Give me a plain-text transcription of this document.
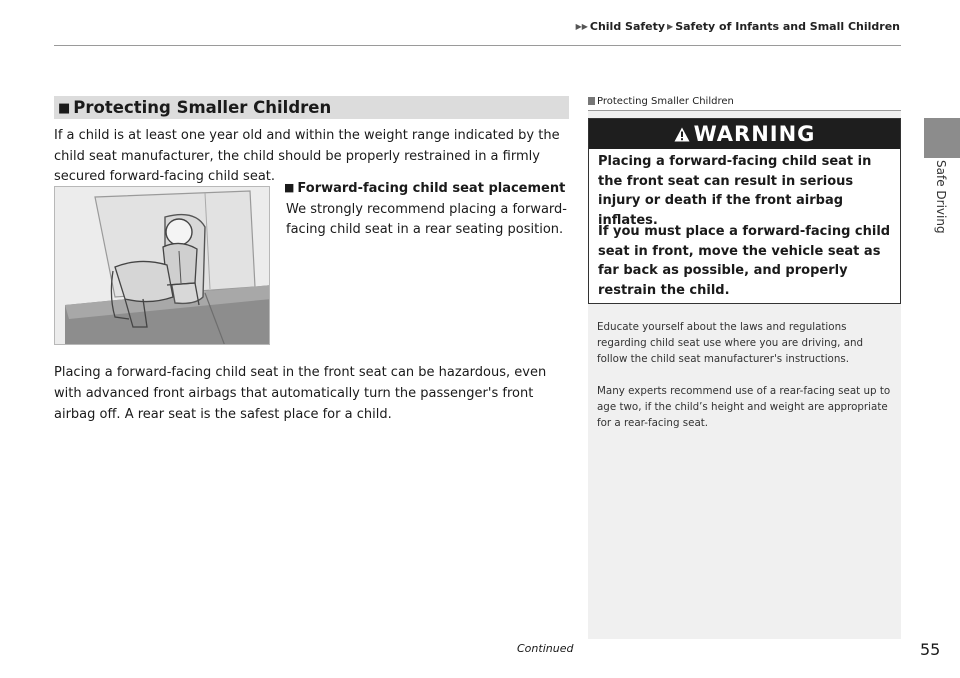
▶▶ Child Safety ▶ Safety of Infants and Small Children
Safe Driving
■ Protecting Smaller Children

If a child is at least one year old and within the weight range indicated by the child seat manufacturer, the child should be properly restrained in a firmly secured forward-facing child seat.

■ Forward-facing child seat placement

We strongly recommend placing a forward-facing child seat in a rear seating position.

Placing a forward-facing child seat in the front seat can be hazardous, even with advanced front airbags that automatically turn the passenger's front airbag off. A rear seat is the safest place for a child.

Protecting Smaller Children
WARNING

Placing a forward-facing child seat in the front seat can result in serious injury or death if the front airbag inflates.

If you must place a forward-facing child seat in front, move the vehicle seat as far back as possible, and properly restrain the child.

Educate yourself about the laws and regulations regarding child seat use where you are driving, and follow the child seat manufacturer's instructions.

Many experts recommend use of a rear-facing seat up to age two, if the child’s height and weight are appropriate for a rear-facing seat.

Continued	55
